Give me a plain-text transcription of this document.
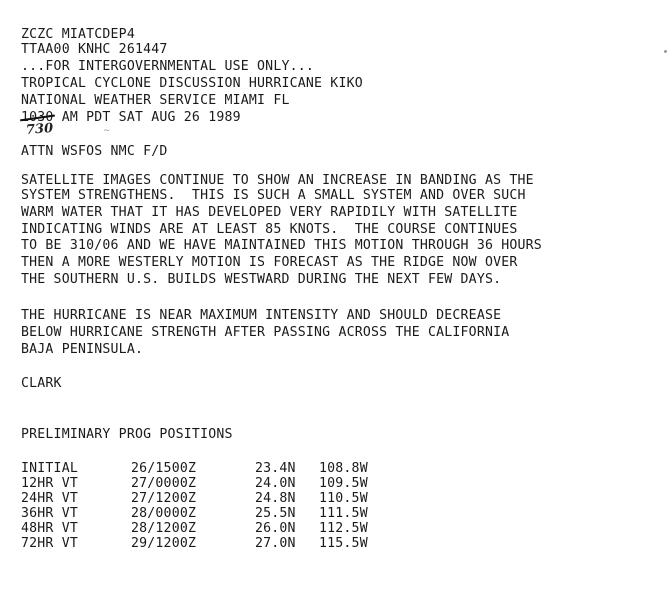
ZCZC MIATCDEP4
TTAA00 KNHC 261447
...FOR INTERGOVERNMENTAL USE ONLY...
TROPICAL CYCLONE DISCUSSION HURRICANE KIKO
NATIONAL WEATHER SERVICE MIAMI FL
1030 AM PDT SAT AUG 26 1989
730	∼
ATTN WSFOS NMC F/D
SATELLITE IMAGES CONTINUE TO SHOW AN INCREASE IN BANDING AS THE
SYSTEM STRENGTHENS.  THIS IS SUCH A SMALL SYSTEM AND OVER SUCH
WARM WATER THAT IT HAS DEVELOPED VERY RAPIDILY WITH SATELLITE
INDICATING WINDS ARE AT LEAST 85 KNOTS.  THE COURSE CONTINUES
TO BE 310/06 AND WE HAVE MAINTAINED THIS MOTION THROUGH 36 HOURS
THEN A MORE WESTERLY MOTION IS FORECAST AS THE RIDGE NOW OVER
THE SOUTHERN U.S. BUILDS WESTWARD DURING THE NEXT FEW DAYS.
THE HURRICANE IS NEAR MAXIMUM INTENSITY AND SHOULD DECREASE
BELOW HURRICANE STRENGTH AFTER PASSING ACROSS THE CALIFORNIA
BAJA PENINSULA.
CLARK
PRELIMINARY PROG POSITIONS
INITIAL	26/1500Z	23.4N 108.8W
12HR VT	27/0000Z	24.0N 109.5W
24HR VT	27/1200Z	24.8N 110.5W
36HR VT	28/0000Z	25.5N 111.5W
48HR VT	28/1200Z	26.0N 112.5W
72HR VT	29/1200Z	27.0N 115.5W
